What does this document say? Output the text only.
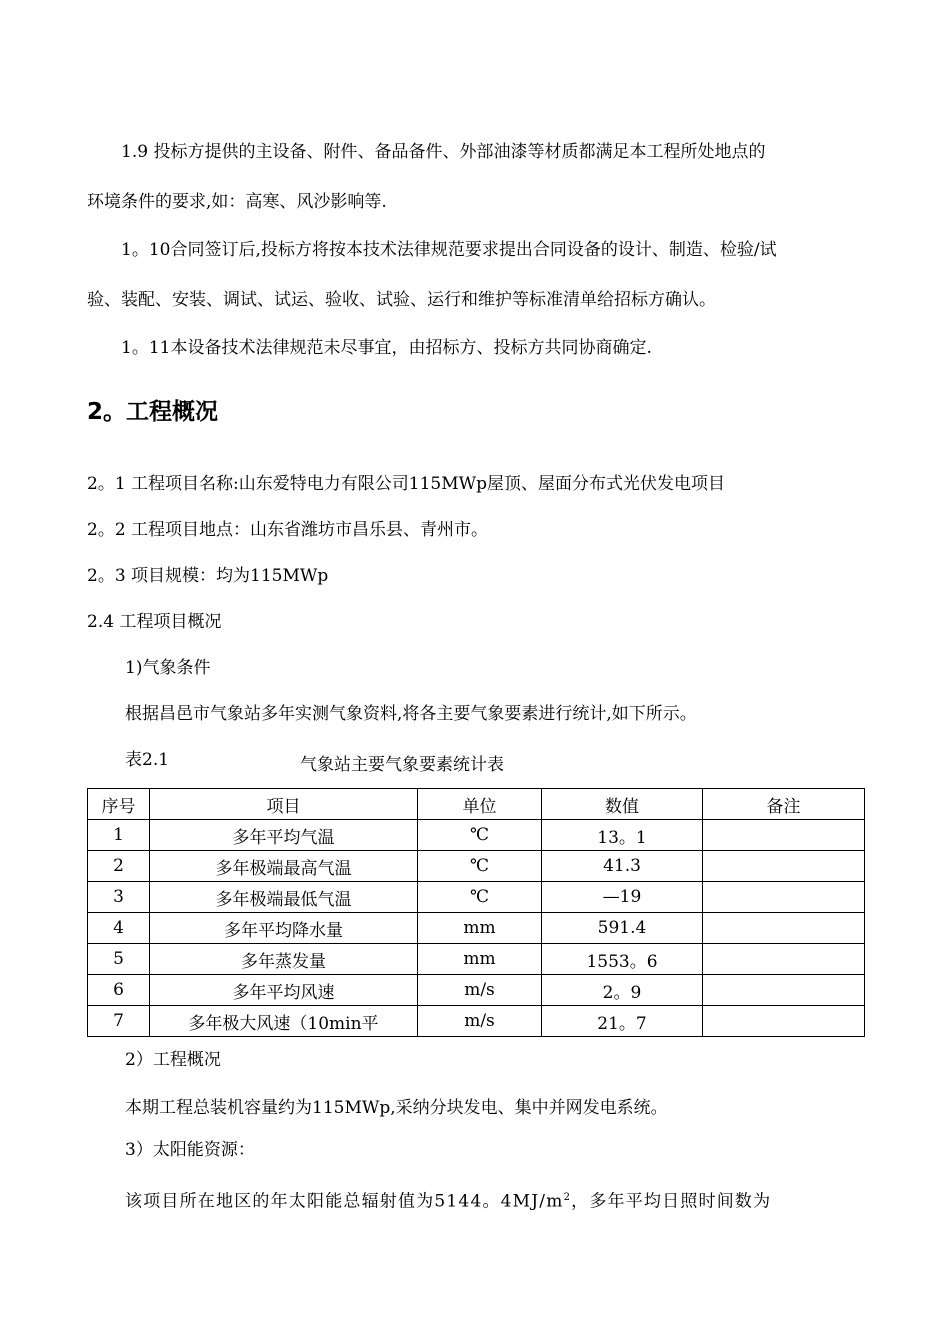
1.9 投标方提供的主设备、附件、备品备件、外部油漆等材质都满足本工程所处地点的
环境条件的要求,如：高寒、风沙影响等.
1。10合同签订后,投标方将按本技术法律规范要求提出合同设备的设计、制造、检验/试
验、装配、安装、调试、试运、验收、试验、运行和维护等标准清单给招标方确认。
1。11本设备技术法律规范未尽事宜，由招标方、投标方共同协商确定.
2。工程概况
2。1 工程项目名称:山东爱特电力有限公司115MWp屋顶、屋面分布式光伏发电项目
2。2 工程项目地点：山东省潍坊市昌乐县、青州市。
2。3 项目规模：均为115MWp
2.4 工程项目概况
1)气象条件
根据昌邑市气象站多年实测气象资料,将各主要气象要素进行统计,如下所示。
表2.1	气象站主要气象要素统计表
序号	项目	单位	数值	备注
1	多年平均气温	℃	13。1	
2	多年极端最高气温	℃	41.3	
3	多年极端最低气温	℃	—19	
4	多年平均降水量	mm	591.4	
5	多年蒸发量	mm	1553。6	
6	多年平均风速	m/s	2。9	
7	多年极大风速（10min平	m/s	21。7	
2）工程概况
本期工程总装机容量约为115MWp,采纳分块发电、集中并网发电系统。
3）太阳能资源：
该项目所在地区的年太阳能总辐射值为5144。$4MJ/m^2$，多年平均日照时间数为
